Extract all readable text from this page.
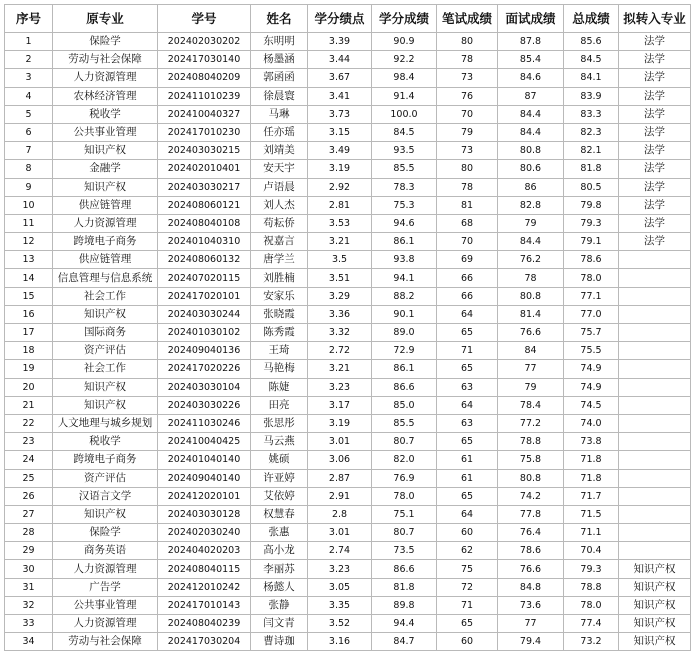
序号	原专业	学号	姓名	学分绩点	学分成绩	笔试成绩	面试成绩	总成绩	拟转入专业
1	保险学	202402030202	东明明	3.39	90.9	80	87.8	85.6	法学
2	劳动与社会保障	202417030140	杨墨涵	3.44	92.2	78	85.4	84.5	法学
3	人力资源管理	202408040209	郭函函	3.67	98.4	73	84.6	84.1	法学
4	农林经济管理	202411010239	徐晨寰	3.41	91.4	76	87	83.9	法学
5	税收学	202410040327	马琳	3.73	100.0	70	84.4	83.3	法学
6	公共事业管理	202417010230	任亦瑶	3.15	84.5	79	84.4	82.3	法学
7	知识产权	202403030215	刘靖美	3.49	93.5	73	80.8	82.1	法学
8	金融学	202402010401	安天宇	3.19	85.5	80	80.6	81.8	法学
9	知识产权	202403030217	卢语晨	2.92	78.3	78	86	80.5	法学
10	供应链管理	202408060121	刘人杰	2.81	75.3	81	82.8	79.8	法学
11	人力资源管理	202408040108	苟耘侨	3.53	94.6	68	79	79.3	法学
12	跨境电子商务	202401040310	祝嘉言	3.21	86.1	70	84.4	79.1	法学
13	供应链管理	202408060132	唐学兰	3.5	93.8	69	76.2	78.6	
14	信息管理与信息系统	202407020115	刘胜楠	3.51	94.1	66	78	78.0	
15	社会工作	202417020101	安家乐	3.29	88.2	66	80.8	77.1	
16	知识产权	202403030244	张晓霞	3.36	90.1	64	81.4	77.0	
17	国际商务	202401030102	陈秀霞	3.32	89.0	65	76.6	75.7	
18	资产评估	202409040136	王琦	2.72	72.9	71	84	75.5	
19	社会工作	202417020226	马艳梅	3.21	86.1	65	77	74.9	
20	知识产权	202403030104	陈婕	3.23	86.6	63	79	74.9	
21	知识产权	202403030226	田亮	3.17	85.0	64	78.4	74.5	
22	人文地理与城乡规划	202411030246	张思彤	3.19	85.5	63	77.2	74.0	
23	税收学	202410040425	马云燕	3.01	80.7	65	78.8	73.8	
24	跨境电子商务	202401040140	姚硕	3.06	82.0	61	75.8	71.8	
25	资产评估	202409040140	许亚婷	2.87	76.9	61	80.8	71.8	
26	汉语言文学	202412020101	艾依婷	2.91	78.0	65	74.2	71.7	
27	知识产权	202403030128	权慧春	2.8	75.1	64	77.8	71.5	
28	保险学	202402030240	张惠	3.01	80.7	60	76.4	71.1	
29	商务英语	202404020203	高小龙	2.74	73.5	62	78.6	70.4	
30	人力资源管理	202408040115	李丽苏	3.23	86.6	75	76.6	79.3	知识产权
31	广告学	202412010242	杨懿人	3.05	81.8	72	84.8	78.8	知识产权
32	公共事业管理	202417010143	张静	3.35	89.8	71	73.6	78.0	知识产权
33	人力资源管理	202408040239	闫文青	3.52	94.4	65	77	77.4	知识产权
34	劳动与社会保障	202417030204	曹诗珈	3.16	84.7	60	79.4	73.2	知识产权
